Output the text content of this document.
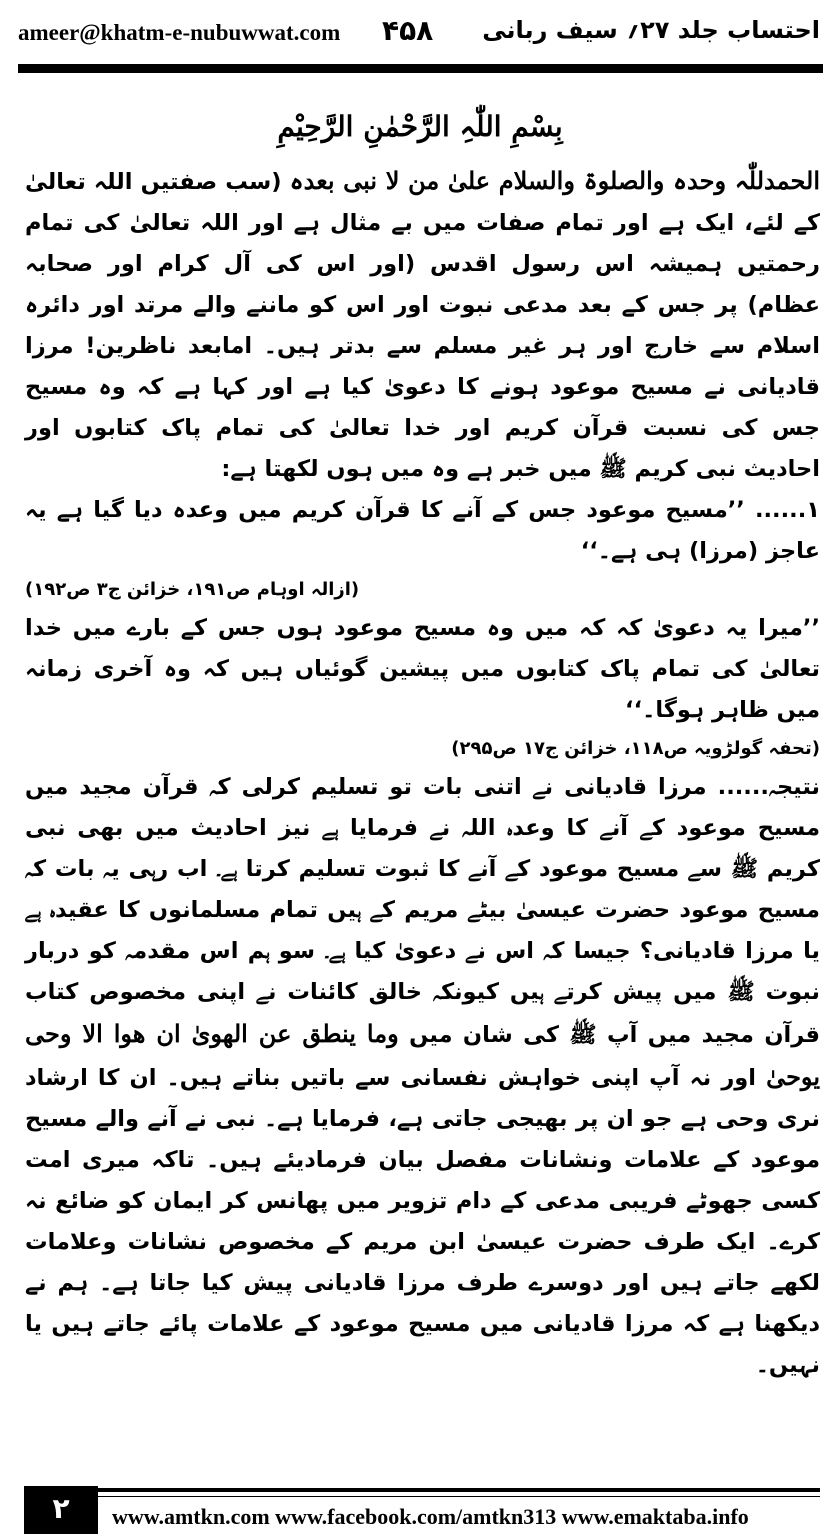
ameer@khatm-e-nubuwwat.com ۴۵۸ احتساب جلد ۲۷؍ سیف ربانی
بِسْمِ اللّٰہِ الرَّحْمٰنِ الرَّحِیْمِ

الحمدللّٰہ وحدہ والصلوۃ والسلام علیٰ من لا نبی بعدہ (سب صفتیں اللہ تعالیٰ کے لئے، ایک ہے اور تمام صفات میں بے مثال ہے اور اللہ تعالیٰ کی تمام رحمتیں ہمیشہ اس رسول اقدس (اور اس کی آل کرام اور صحابہ عظام) پر جس کے بعد مدعی نبوت اور اس کو ماننے والے مرتد اور دائرہ اسلام سے خارج اور ہر غیر مسلم سے بدتر ہیں۔ امابعد ناظرین! مرزا قادیانی نے مسیح موعود ہونے کا دعویٰ کیا ہے اور کہا ہے کہ وہ مسیح جس کی نسبت قرآن کریم اور خدا تعالیٰ کی تمام پاک کتابوں اور احادیث نبی کریم ﷺ میں خبر ہے وہ میں ہوں لکھتا ہے:

۱...... ’’مسیح موعود جس کے آنے کا قرآن کریم میں وعدہ دیا گیا ہے یہ عاجز (مرزا) ہی ہے۔‘‘

(ازالہ اوہام ص۱۹۱، خزائن ج۳ ص۱۹۲)

’’میرا یہ دعویٰ کہ کہ میں وہ مسیح موعود ہوں جس کے بارے میں خدا تعالیٰ کی تمام پاک کتابوں میں پیشین گوئیاں ہیں کہ وہ آخری زمانہ میں ظاہر ہوگا۔‘‘

(تحفہ گولڑویہ ص۱۱۸، خزائن ج۱۷ ص۲۹۵)

نتیجہ...... مرزا قادیانی نے اتنی بات تو تسلیم کرلی کہ قرآن مجید میں مسیح موعود کے آنے کا وعدہ اللہ نے فرمایا ہے نیز احادیث میں بھی نبی کریم ﷺ سے مسیح موعود کے آنے کا ثبوت تسلیم کرتا ہے۔ اب رہی یہ بات کہ مسیح موعود حضرت عیسیٰ بیٹے مریم کے ہیں تمام مسلمانوں کا عقیدہ ہے یا مرزا قادیانی؟ جیسا کہ اس نے دعویٰ کیا ہے۔ سو ہم اس مقدمہ کو دربار نبوت ﷺ میں پیش کرتے ہیں کیونکہ خالق کائنات نے اپنی مخصوص کتاب قرآن مجید میں آپ ﷺ کی شان میں وما ینطق عن الھویٰ ان ھوا الا وحی یوحیٰ اور نہ آپ اپنی خواہش نفسانی سے باتیں بناتے ہیں۔ ان کا ارشاد نری وحی ہے جو ان پر بھیجی جاتی ہے، فرمایا ہے۔ نبی نے آنے والے مسیح موعود کے علامات ونشانات مفصل بیان فرمادیئے ہیں۔ تاکہ میری امت کسی جھوٹے فریبی مدعی کے دام تزویر میں پھانس کر ایمان کو ضائع نہ کرے۔ ایک طرف حضرت عیسیٰ ابن مریم کے مخصوص نشانات وعلامات لکھے جاتے ہیں اور دوسرے طرف مرزا قادیانی پیش کیا جاتا ہے۔ ہم نے دیکھنا ہے کہ مرزا قادیانی میں مسیح موعود کے علامات پائے جاتے ہیں یا نہیں۔

۲	www.amtkn.com www.facebook.com/amtkn313 www.emaktaba.info
